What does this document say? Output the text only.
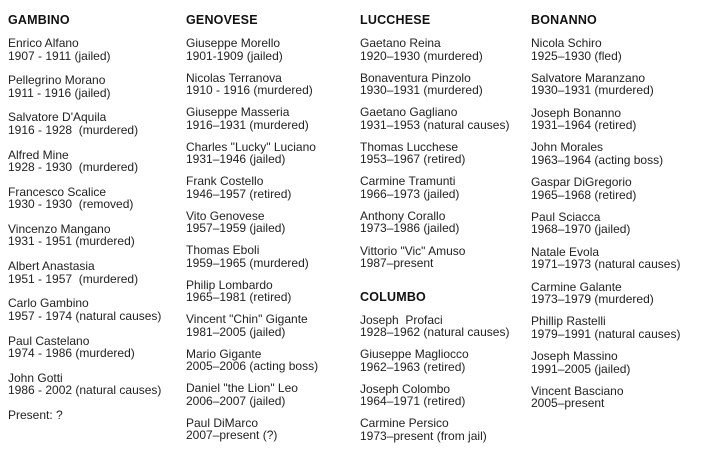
GAMBINO
Enrico Alfano
1907 - 1911 (jailed)
Pellegrino Morano
1911 - 1916 (jailed)
Salvatore D'Aquila
1916 - 1928  (murdered)
Alfred Mine
1928 - 1930  (murdered)
Francesco Scalice
1930 - 1930  (removed)
Vincenzo Mangano
1931 - 1951 (murdered)
Albert Anastasia
1951 - 1957  (murdered)
Carlo Gambino
1957 - 1974 (natural causes)
Paul Castelano
1974 - 1986 (murdered)
John Gotti
1986 - 2002 (natural causes)
Present: ?
GENOVESE
Giuseppe Morello
1901-1909 (jailed)
Nicolas Terranova
1910 - 1916 (murdered)
Giuseppe Masseria
1916–1931 (murdered)
Charles "Lucky" Luciano
1931–1946 (jailed)
Frank Costello
1946–1957 (retired)
Vito Genovese
1957–1959 (jailed)
Thomas Eboli
1959–1965 (murdered)
Philip Lombardo
1965–1981 (retired)
Vincent "Chin" Gigante
1981–2005 (jailed)
Mario Gigante
2005–2006 (acting boss)
Daniel "the Lion" Leo
2006–2007 (jailed)
Paul DiMarco
2007–present (?)
LUCCHESE
Gaetano Reina
1920–1930 (murdered)
Bonaventura Pinzolo
1930–1931 (murdered)
Gaetano Gagliano
1931–1953 (natural causes)
Thomas Lucchese
1953–1967 (retired)
Carmine Tramunti
1966–1973 (jailed)
Anthony Corallo
1973–1986 (jailed)
Vittorio "Vic" Amuso
1987–present
COLUMBO
Joseph  Profaci
1928–1962 (natural causes)
Giuseppe Magliocco
1962–1963 (retired)
Joseph Colombo
1964–1971 (retired)
Carmine Persico
1973–present (from jail)
BONANNO
Nicola Schiro
1925–1930 (fled)
Salvatore Maranzano
1930–1931 (murdered)
Joseph Bonanno
1931–1964 (retired)
John Morales
1963–1964 (acting boss)
Gaspar DiGregorio
1965–1968 (retired)
Paul Sciacca
1968–1970 (jailed)
Natale Evola
1971–1973 (natural causes)
Carmine Galante
1973–1979 (murdered)
Phillip Rastelli
1979–1991 (natural causes)
Joseph Massino
1991–2005 (jailed)
Vincent Basciano
2005–present
